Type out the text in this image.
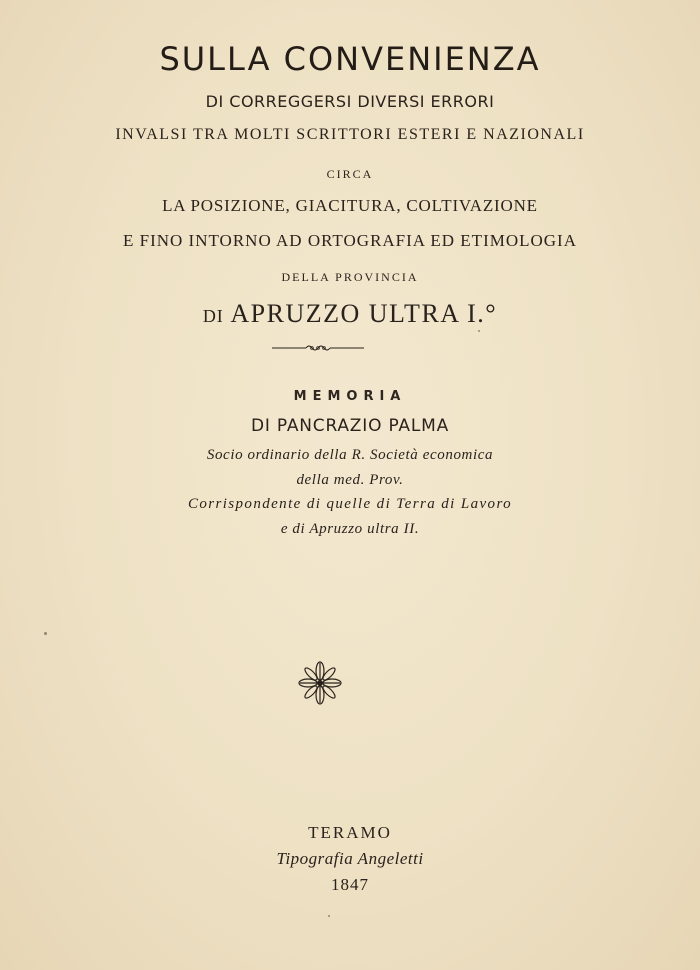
SULLA CONVENIENZA
DI CORREGGERSI DIVERSI ERRORI
INVALSI TRA MOLTI SCRITTORI ESTERI E NAZIONALI
CIRCA
LA POSIZIONE, GIACITURA, COLTIVAZIONE
E FINO INTORNO AD ORTOGRAFIA ED ETIMOLOGIA
DELLA PROVINCIA
DI APRUZZO ULTRA I.°
MEMORIA
DI PANCRAZIO PALMA
Socio ordinario della R. Società economica
della med. Prov.
Corrispondente di quelle di Terra di Lavoro
e di Apruzzo ultra II.
TERAMO
Tipografia Angeletti
1847
